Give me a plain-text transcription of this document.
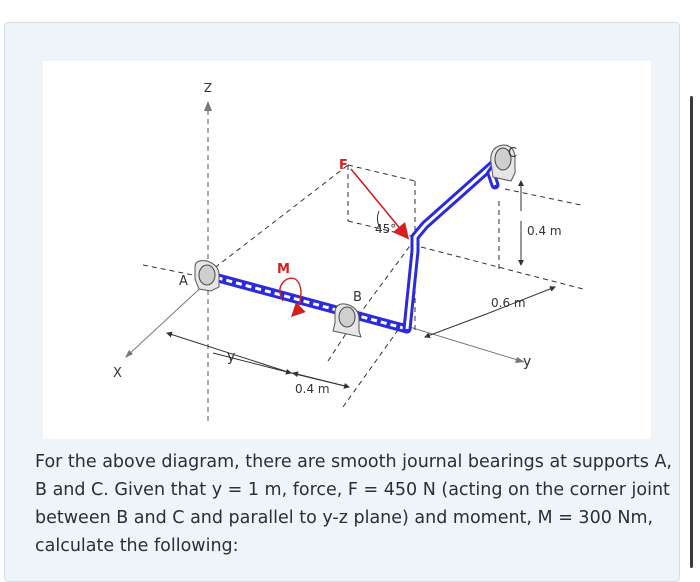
Z
X
y
A
B
C
F
45°
M
y
0.4 m
0.4 m
0.6 m

For the above diagram, there are smooth journal bearings at supports A, B and C. Given that y = 1 m, force, F = 450 N (acting on the corner joint between B and C and parallel to y-z plane) and moment, M = 300 Nm, calculate the following:
